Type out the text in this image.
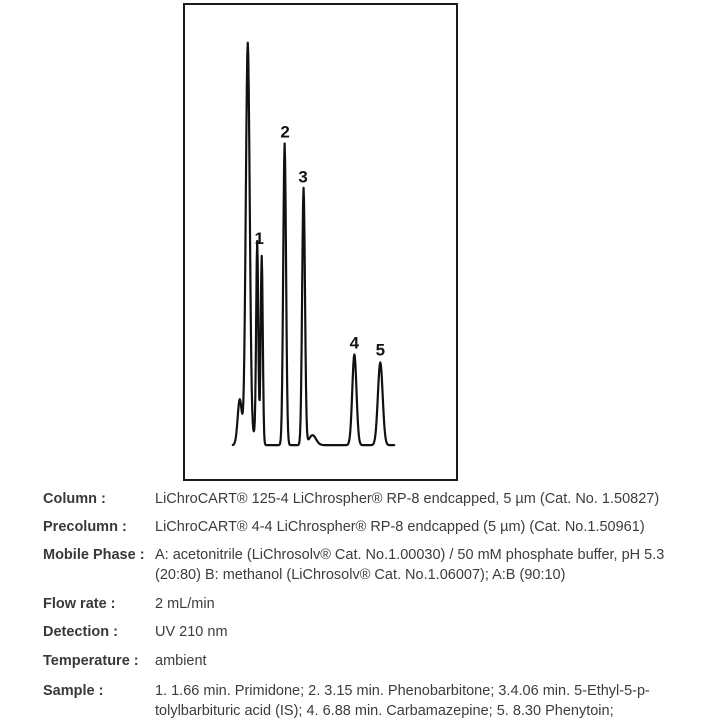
1
2
3
4 5
Column :	LiChroCART® 125-4 LiChrospher® RP-8 endcapped, 5 µm (Cat. No. 1.50827)
Precolumn :	LiChroCART® 4-4 LiChrospher® RP-8 endcapped (5 µm) (Cat. No.1.50961)
Mobile Phase : A: acetonitrile (LiChrosolv® Cat. No.1.00030) / 50 mM phosphate buffer, pH 5.3
(20:80) B: methanol (LiChrosolv® Cat. No.1.06007); A:B (90:10)
Flow rate :	2 mL/min
Detection :	UV 210 nm
Temperature :	ambient
Sample :	1. 1.66 min. Primidone; 2. 3.15 min. Phenobarbitone; 3.4.06 min. 5-Ethyl-5-p-
tolylbarbituric acid (IS); 4. 6.88 min. Carbamazepine; 5. 8.30 Phenytoin;
